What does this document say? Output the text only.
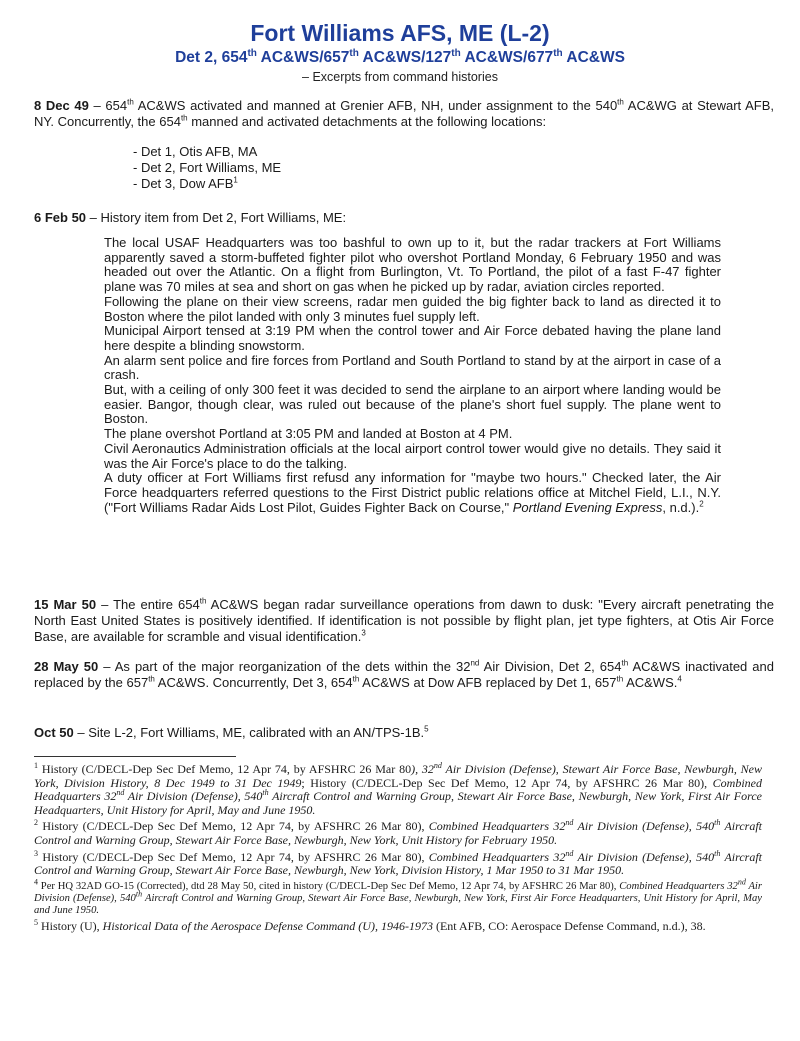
Fort Williams AFS, ME (L-2)
Det 2, 654th AC&WS/657th AC&WS/127th AC&WS/677th AC&WS
– Excerpts from command histories
8 Dec 49 – 654th AC&WS activated and manned at Grenier AFB, NH, under assignment to the 540th AC&WG at Stewart AFB, NY. Concurrently, the 654th manned and activated detachments at the following locations:
- Det 1, Otis AFB, MA
- Det 2, Fort Williams, ME
- Det 3, Dow AFB$^1$
6 Feb 50 – History item from Det 2, Fort Williams, ME:

The local USAF Headquarters was too bashful to own up to it, but the radar trackers at Fort Williams apparently saved a storm-buffeted fighter pilot who overshot Portland Monday, 6 February 1950 and was headed out over the Atlantic. On a flight from Burlington, Vt. To Portland, the pilot of a fast F-47 fighter plane was 70 miles at sea and short on gas when he picked up by radar, aviation circles reported.

Following the plane on their view screens, radar men guided the big fighter back to land as directed it to Boston where the pilot landed with only 3 minutes fuel supply left.

Municipal Airport tensed at 3:19 PM when the control tower and Air Force debated having the plane land here despite a blinding snowstorm.

An alarm sent police and fire forces from Portland and South Portland to stand by at the airport in case of a crash.

But, with a ceiling of only 300 feet it was decided to send the airplane to an airport where landing would be easier. Bangor, though clear, was ruled out because of the plane's short fuel supply. The plane went to Boston.

The plane overshot Portland at 3:05 PM and landed at Boston at 4 PM.

Civil Aeronautics Administration officials at the local airport control tower would give no details. They said it was the Air Force's place to do the talking.

A duty officer at Fort Williams first refusd any information for "maybe two hours." Checked later, the Air Force headquarters referred questions to the First District public relations office at Mitchel Field, L.I., N.Y. ("Fort Williams Radar Aids Lost Pilot, Guides Fighter Back on Course," Portland Evening Express, n.d.).$^2$

15 Mar 50 – The entire 654th AC&WS began radar surveillance operations from dawn to dusk: "Every aircraft penetrating the North East United States is positively identified. If identification is not possible by flight plan, jet type fighters, at Otis Air Force Base, are available for scramble and visual identification.$^3$
28 May 50 – As part of the major reorganization of the dets within the 32nd Air Division, Det 2, 654th AC&WS inactivated and replaced by the 657th AC&WS. Concurrently, Det 3, 654th AC&WS at Dow AFB replaced by Det 1, 657th AC&WS.$^4$
Oct 50 – Site L-2, Fort Williams, ME, calibrated with an AN/TPS-1B.$^5$

$^1$ History (C/DECL-Dep Sec Def Memo, 12 Apr 74, by AFSHRC 26 Mar 80), 32nd Air Division (Defense), Stewart Air Force Base, Newburgh, New York, Division History, 8 Dec 1949 to 31 Dec 1949; History (C/DECL-Dep Sec Def Memo, 12 Apr 74, by AFSHRC 26 Mar 80), Combined Headquarters 32nd Air Division (Defense), 540th Aircraft Control and Warning Group, Stewart Air Force Base, Newburgh, New York, First Air Force Headquarters, Unit History for April, May and June 1950.

$^2$ History (C/DECL-Dep Sec Def Memo, 12 Apr 74, by AFSHRC 26 Mar 80), Combined Headquarters 32nd Air Division (Defense), 540th Aircraft Control and Warning Group, Stewart Air Force Base, Newburgh, New York, Unit History for February 1950.

$^3$ History (C/DECL-Dep Sec Def Memo, 12 Apr 74, by AFSHRC 26 Mar 80), Combined Headquarters 32nd Air Division (Defense), 540th Aircraft Control and Warning Group, Stewart Air Force Base, Newburgh, New York, Division History, 1 Mar 1950 to 31 Mar 1950.

$^4$ Per HQ 32AD GO-15 (Corrected), dtd 28 May 50, cited in history (C/DECL-Dep Sec Def Memo, 12 Apr 74, by AFSHRC 26 Mar 80), Combined Headquarters 32nd Air Division (Defense), 540th Aircraft Control and Warning Group, Stewart Air Force Base, Newburgh, New York, First Air Force Headquarters, Unit History for April, May and June 1950.

$^5$ History (U), Historical Data of the Aerospace Defense Command (U), 1946-1973 (Ent AFB, CO: Aerospace Defense Command, n.d.), 38.
